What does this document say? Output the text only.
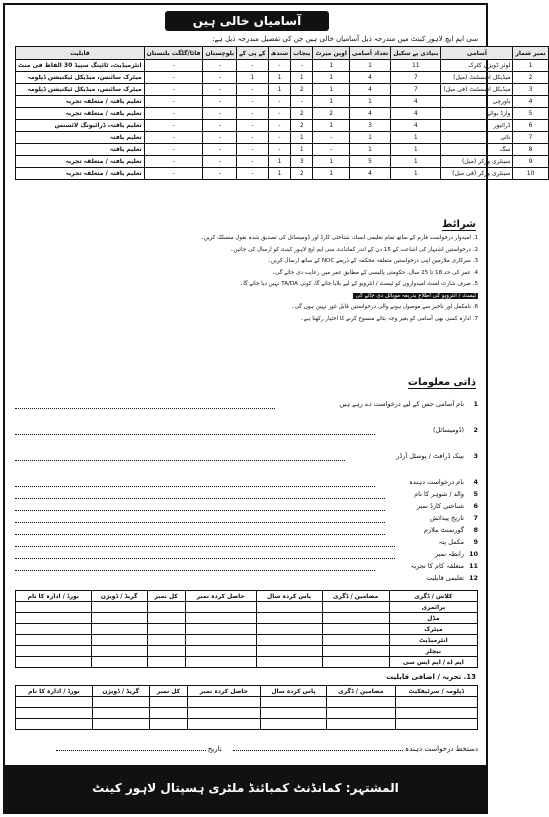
آسامیاں خالی ہیں
سی ایم ایچ لاہور کینٹ میں مندرجہ ذیل آسامیاں خالی ہیں جن کی تفصیل مندرجہ ذیل ہے:
نمبر شمار	آسامی	بنیادی پے سکیل	تعداد آسامی	اوپن میرٹ	پنجاب	سندھ	کے پی کے	بلوچستان	فاٹا/گلگت بلتستان	قابلیت
1	لوئر ڈویژن کلرک	11	1	1	-	-	-	-	-	انٹرمیڈیٹ، ٹائپنگ سپیڈ 30 الفاظ فی منٹ
2	میڈیکل اسسٹنٹ (میل)	7	4	1	1	1	1	-	-	میٹرک سائنس، میڈیکل ٹیکنیشن ڈپلومہ
3	میڈیکل اسسٹنٹ (فی میل)	7	4	1	2	1	-	-	-	میٹرک سائنس، میڈیکل ٹیکنیشن ڈپلومہ
4	باورچی	4	1	1	-	-	-	-	-	تعلیم یافتہ / متعلقہ تجربہ
5	وارڈ بوائے	4	4	2	2	-	-	-	-	تعلیم یافتہ / متعلقہ تجربہ
6	ڈرائیور	4	3	1	2	-	-	-	-	تعلیم یافتہ، ڈرائیونگ لائسنس
7	نائی	1	1	-	1	-	-	-	-	تعلیم یافتہ
8	سگ	1	1	-	1	-	-	-	-	تعلیم یافتہ
9	سینٹری ورکر (میل)	1	5	1	3	1	-	-	-	تعلیم یافتہ / متعلقہ تجربہ
10	سینٹری ورکر (فی میل)	1	4	1	2	1	-	-	-	تعلیم یافتہ / متعلقہ تجربہ
شرائط
1. امیدوار درخواست فارم کے ساتھ تمام تعلیمی اسناد، شناختی کارڈ اور ڈومیسائل کی تصدیق شدہ نقول منسلک کریں۔
2. درخواستیں اشتہار کی اشاعت کے 15 دن کے اندر کمانڈنٹ سی ایم ایچ لاہور کینٹ کو ارسال کی جائیں۔
3. سرکاری ملازمین اپنی درخواستیں متعلقہ محکمہ کے ذریعے NOC کے ساتھ ارسال کریں۔
4. عمر کی حد 18 تا 25 سال، حکومتی پالیسی کے مطابق عمر میں رعایت دی جائے گی۔
5. صرف شارٹ لسٹ امیدواروں کو ٹیسٹ / انٹرویو کے لیے بلایا جائے گا، کوئی TA/DA نہیں دیا جائے گا۔
ٹیسٹ / انٹرویو کی اطلاع بذریعہ موبائل دی جائے گی
6. نامکمل اور تاخیر سے موصول ہونے والی درخواستیں قابل غور نہیں ہوں گی۔
7. ادارہ کسی بھی آسامی کو بغیر وجہ بتائے منسوخ کرنے کا اختیار رکھتا ہے۔
ذاتی معلومات
1
نام آسامی جس کے لیے درخواست دے رہے ہیں
2
(ڈومیسائل)
3
بینک ڈرافٹ / پوسٹل آرڈر
4
نام درخواست دہندہ
5
والد / شوہر کا نام
6
شناختی کارڈ نمبر
7
تاریخ پیدائش
8
گورنمنٹ ملازم
9
مکمل پتہ
10
رابطہ نمبر
11
متعلقہ کام کا تجربہ
12
تعلیمی قابلیت
کلاس / ڈگری	مضامین / ڈگری	پاس کردہ سال	حاصل کردہ نمبر	کل نمبر	گریڈ / ڈویژن	بورڈ / ادارہ کا نام
پرائمری						
مڈل						
میٹرک						
انٹرمیڈیٹ						
بیچلر						
ایم اے / ایم ایس سی						
13. تجربہ / اضافی قابلیت
ڈپلومہ / سرٹیفکیٹ	مضامین / ڈگری	پاس کردہ سال	حاصل کردہ نمبر	کل نمبر	گریڈ / ڈویژن	بورڈ / ادارہ کا نام

دستخط درخواست دہندہ      تاریخ
المشتہر: کمانڈنٹ کمبائنڈ ملٹری ہسپتال لاہور کینٹ
